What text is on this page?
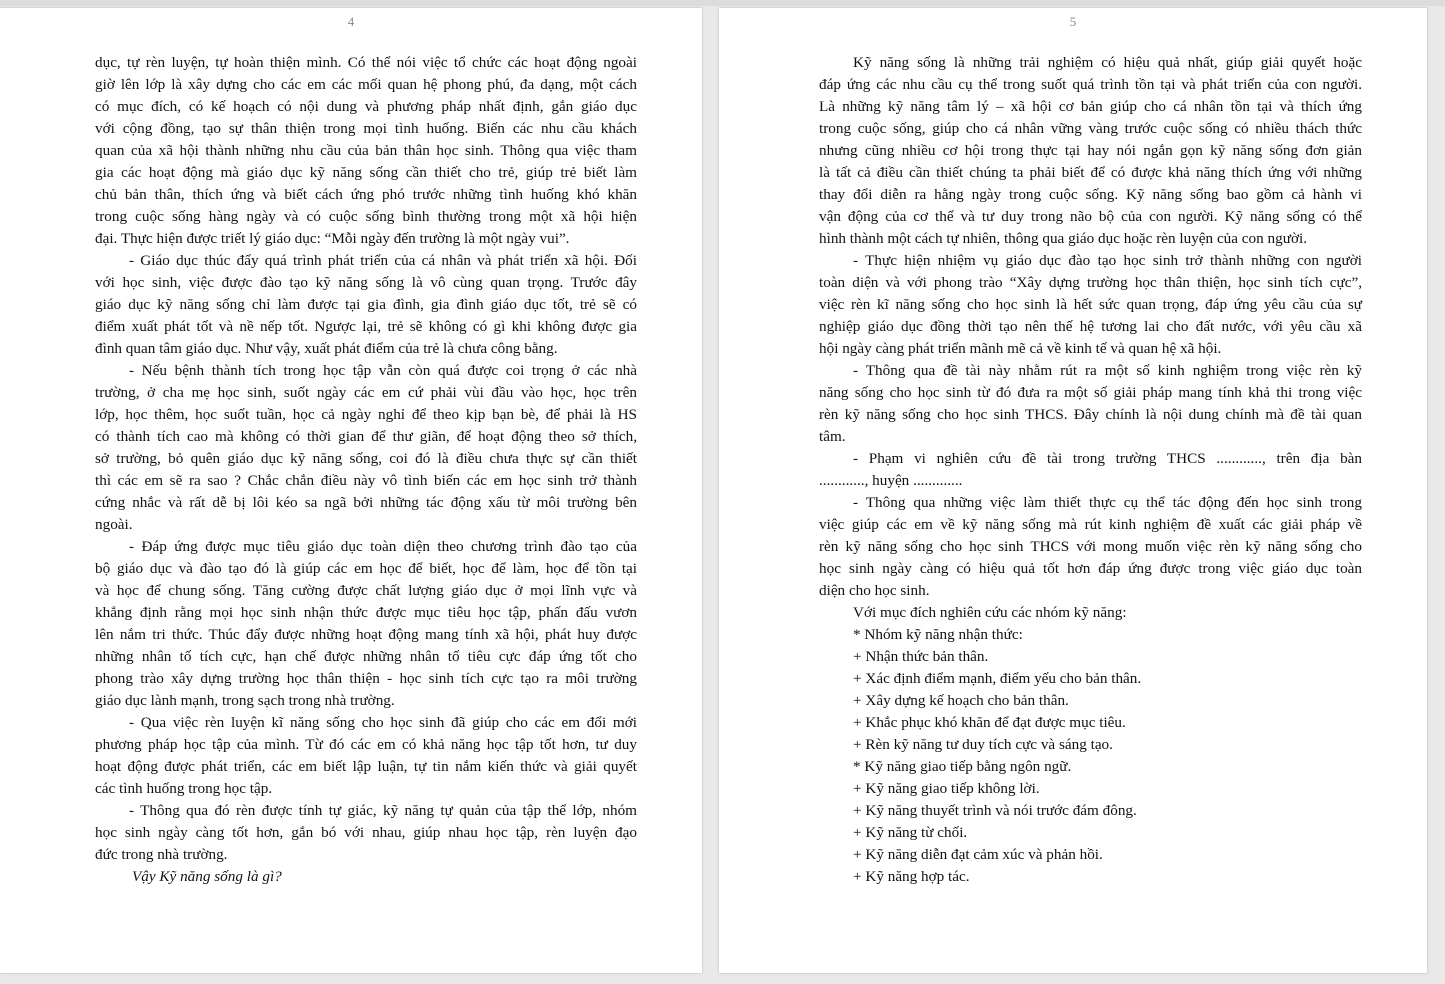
4
dục, tự rèn luyện, tự hoàn thiện mình. Có thể nói việc tổ chức các hoạt động ngoài
giờ lên lớp là xây dựng cho các em các mối quan hệ phong phú, đa dạng, một cách
có mục đích, có kế hoạch có nội dung và phương pháp nhất định, gắn giáo dục
với cộng đồng, tạo sự thân thiện trong mọi tình huống. Biến các nhu cầu khách
quan của xã hội thành những nhu cầu của bản thân học sinh. Thông qua việc tham
gia các hoạt động mà giáo dục kỹ năng sống cần thiết cho trẻ, giúp trẻ biết làm
chủ bản thân, thích ứng và biết cách ứng phó trước những tình huống khó khăn
trong cuộc sống hàng ngày và có cuộc sống bình thường trong một xã hội hiện
đại. Thực hiện được triết lý giáo dục: “Mỗi ngày đến trường là một ngày vui”.
- Giáo dục thúc đẩy quá trình phát triển của cá nhân và phát triển xã hội. Đối
với học sinh, việc được đào tạo kỹ năng sống là vô cùng quan trọng. Trước đây
giáo dục kỹ năng sống chỉ làm được tại gia đình, gia đình giáo dục tốt, trẻ sẽ có
điểm xuất phát tốt và nề nếp tốt. Ngược lại, trẻ sẽ không có gì khi không được gia
đình quan tâm giáo dục. Như vậy, xuất phát điểm của trẻ là chưa công bằng.
- Nếu bệnh thành tích trong học tập vẫn còn quá được coi trọng ở các nhà
trường, ở cha mẹ học sinh, suốt ngày các em cứ phải vùi đầu vào học, học trên
lớp, học thêm, học suốt tuần, học cả ngày nghỉ để theo kịp bạn bè, để phải là HS
có thành tích cao mà không có thời gian để thư giãn, để hoạt động theo sở thích,
sở trường, bỏ quên giáo dục kỹ năng sống, coi đó là điều chưa thực sự cần thiết
thì các em sẽ ra sao ? Chắc chắn điều này vô tình biến các em học sinh trở thành
cứng nhắc và rất dễ bị lôi kéo sa ngã bởi những tác động xấu từ môi trường bên
ngoài.
- Đáp ứng được mục tiêu giáo dục toàn diện theo chương trình đào tạo của
bộ giáo dục và đào tạo đó là giúp các em học để biết, học để làm, học để tồn tại
và học để chung sống. Tăng cường được chất lượng giáo dục ở mọi lĩnh vực và
khẳng định rằng mọi học sinh nhận thức được mục tiêu học tập, phấn đấu vươn
lên nắm tri thức. Thúc đẩy được những hoạt động mang tính xã hội, phát huy được
những nhân tố tích cực, hạn chế được những nhân tố tiêu cực đáp ứng tốt cho
phong trào xây dựng trường học thân thiện - học sinh tích cực tạo ra môi trường
giáo dục lành mạnh, trong sạch trong nhà trường.
- Qua việc rèn luyện kĩ năng sống cho học sinh đã giúp cho các em đổi mới
phương pháp học tập của mình. Từ đó các em có khả năng học tập tốt hơn, tư duy
hoạt động được phát triển, các em biết lập luận, tự tin nắm kiến thức và giải quyết
các tình huống trong học tập.
- Thông qua đó rèn được tính tự giác, kỹ năng tự quản của tập thể lớp, nhóm
học sinh ngày càng tốt hơn, gắn bó với nhau, giúp nhau học tập, rèn luyện đạo
đức trong nhà trường.
Vậy Kỹ năng sống là gì?
5
Kỹ năng sống là những trải nghiệm có hiệu quả nhất, giúp giải quyết hoặc
đáp ứng các nhu cầu cụ thể trong suốt quá trình tồn tại và phát triển của con người.
Là những kỹ năng tâm lý – xã hội cơ bản giúp cho cá nhân tồn tại và thích ứng
trong cuộc sống, giúp cho cá nhân vững vàng trước cuộc sống có nhiều thách thức
nhưng cũng nhiều cơ hội trong thực tại hay nói ngắn gọn kỹ năng sống đơn giản
là tất cả điều cần thiết chúng ta phải biết để có được khả năng thích ứng với những
thay đổi diễn ra hằng ngày trong cuộc sống. Kỹ năng sống bao gồm cả hành vi
vận động của cơ thể và tư duy trong não bộ của con người. Kỹ năng sống có thể
hình thành một cách tự nhiên, thông qua giáo dục hoặc rèn luyện của con người.
- Thực hiện nhiệm vụ giáo dục đào tạo học sinh trở thành những con người
toàn diện và với phong trào “Xây dựng trường học thân thiện, học sinh tích cực”,
việc rèn kĩ năng sống cho học sinh là hết sức quan trọng, đáp ứng yêu cầu của sự
nghiệp giáo dục đồng thời tạo nên thế hệ tương lai cho đất nước, với yêu cầu xã
hội ngày càng phát triển mãnh mẽ cả về kinh tế và quan hệ xã hội.
- Thông qua đề tài này nhằm rút ra một số kinh nghiệm trong việc rèn kỹ
năng sống cho học sinh từ đó đưa ra một số giải pháp mang tính khả thi trong việc
rèn kỹ năng sống cho học sinh THCS. Đây chính là nội dung chính mà đề tài quan
tâm.
- Phạm vi nghiên cứu đề tài trong trường THCS ............, trên địa bàn
............, huyện .............
- Thông qua những việc làm thiết thực cụ thể tác động đến học sinh trong
việc giúp các em về kỹ năng sống mà rút kinh nghiệm đề xuất các giải pháp về
rèn kỹ năng sống cho học sinh THCS với mong muốn việc rèn kỹ năng sống cho
học sinh ngày càng có hiệu quả tốt hơn đáp ứng được trong việc giáo dục toàn
diện cho học sinh.
Với mục đích nghiên cứu các nhóm kỹ năng:
* Nhóm kỹ năng nhận thức:
+ Nhận thức bản thân.
+ Xác định điểm mạnh, điểm yếu cho bản thân.
+ Xây dựng kế hoạch cho bản thân.
+ Khắc phục khó khăn để đạt được mục tiêu.
+ Rèn kỹ năng tư duy tích cực và sáng tạo.
* Kỹ năng giao tiếp bằng ngôn ngữ.
+ Kỹ năng giao tiếp không lời.
+ Kỹ năng thuyết trình và nói trước đám đông.
+ Kỹ năng từ chối.
+ Kỹ năng diễn đạt cảm xúc và phản hồi.
+ Kỹ năng hợp tác.
